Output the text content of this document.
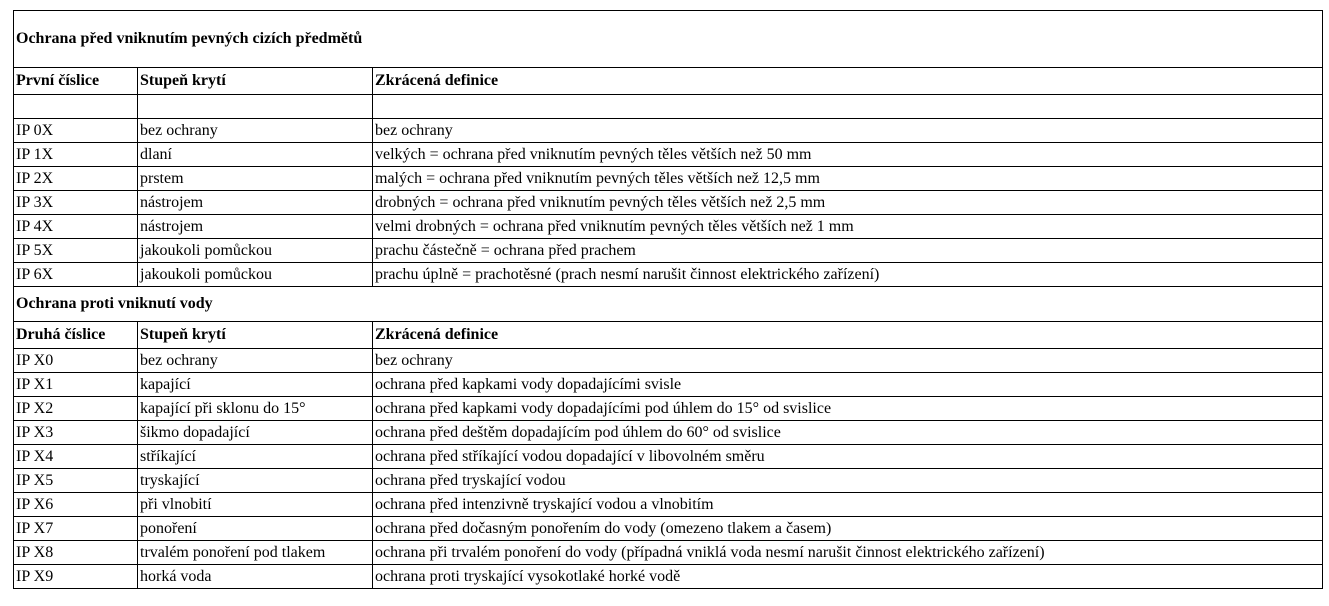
Ochrana před vniknutím pevných cizích předmětů		
První číslice	Stupeň krytí	Zkrácená definice

IP 0X	bez ochrany	bez ochrany
IP 1X	dlaní	velkých = ochrana před vniknutím pevných těles větších než 50 mm
IP 2X	prstem	malých = ochrana před vniknutím pevných těles větších než 12,5 mm
IP 3X	nástrojem	drobných = ochrana před vniknutím pevných těles větších než 2,5 mm
IP 4X	nástrojem	velmi drobných = ochrana před vniknutím pevných těles větších než 1 mm
IP 5X	jakoukoli pomůckou	prachu částečně = ochrana před prachem
IP 6X	jakoukoli pomůckou	prachu úplně = prachotěsné (prach nesmí narušit činnost elektrického zařízení)
Ochrana proti vniknutí vody		
Druhá číslice	Stupeň krytí	Zkrácená definice
IP X0	bez ochrany	bez ochrany
IP X1	kapající	ochrana před kapkami vody dopadajícími svisle
IP X2	kapající při sklonu do 15°	ochrana před kapkami vody dopadajícími pod úhlem do 15° od svislice
IP X3	šikmo dopadající	ochrana před deštěm dopadajícím pod úhlem do 60° od svislice
IP X4	stříkající	ochrana před stříkající vodou dopadající v libovolném směru
IP X5	tryskající	ochrana před tryskající vodou
IP X6	při vlnobití	ochrana před intenzivně tryskající vodou a vlnobitím
IP X7	ponoření	ochrana před dočasným ponořením do vody (omezeno tlakem a časem)
IP X8	trvalém ponoření pod tlakem	ochrana při trvalém ponoření do vody (případná vniklá voda nesmí narušit činnost elektrického zařízení)
IP X9	horká voda	ochrana proti tryskající vysokotlaké horké vodě
